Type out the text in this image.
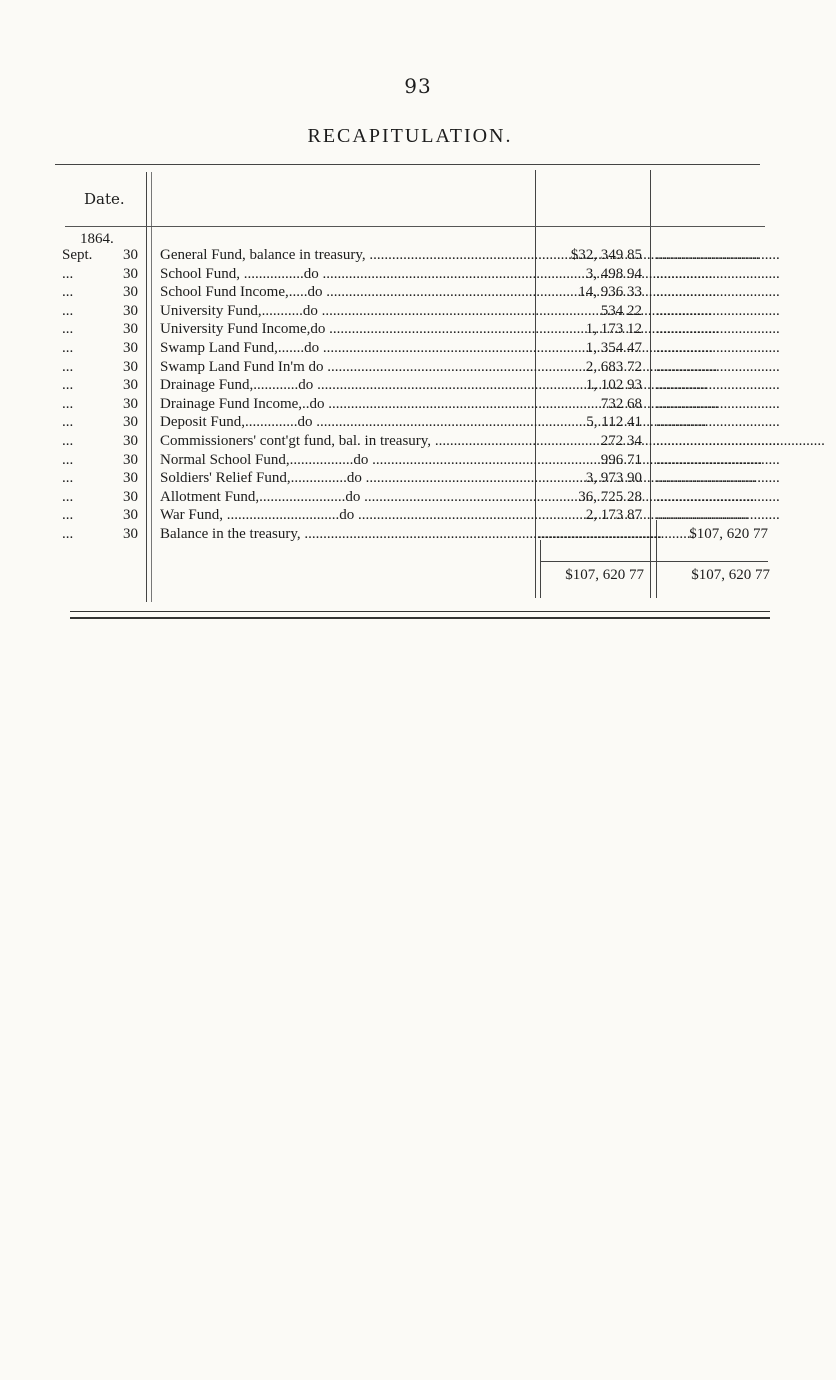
93
RECAPITULATION.
Date.
1864.
Sept.	30 General Fund, balance in treasury, .....	$32, 349 85 .................................
...	30 School Fund, ................do .....	3, 498 94 .................................
...	30 School Fund Income,.....do .....	14, 936 33 .................................
...	30 University Fund,...........do .....	534 22 .................................
...	30 University Fund Income,do .....	1, 173 12 .................................
...	30 Swamp Land Fund,.......do .....	1, 354 47 .................................
...	30 Swamp Land Fund In'm do .....	2, 683 72 .................................
...	30 Drainage Fund,............do .....	1, 102 93 .................................
...	30 Drainage Fund Income,..do .....	732 68 .................................
...	30 Deposit Fund,..............do .....	5, 112 41 .................................
...	30 Commissioners' cont'gt fund, bal. in treasury, .....	272 34 .................................
...	30 Normal School Fund,.................do .....	996 71 .................................
...	30 Soldiers' Relief Fund,...............do .....	3, 973 90 .................................
...	30 Allotment Fund,.......................do .....	36, 725 28 .................................
...	30 War Fund, ..............................do .....	2, 173 87 .................................
...	30 Balance in the treasury, .....	.................................	$107, 620 77
$107, 620 77	$107, 620 77
